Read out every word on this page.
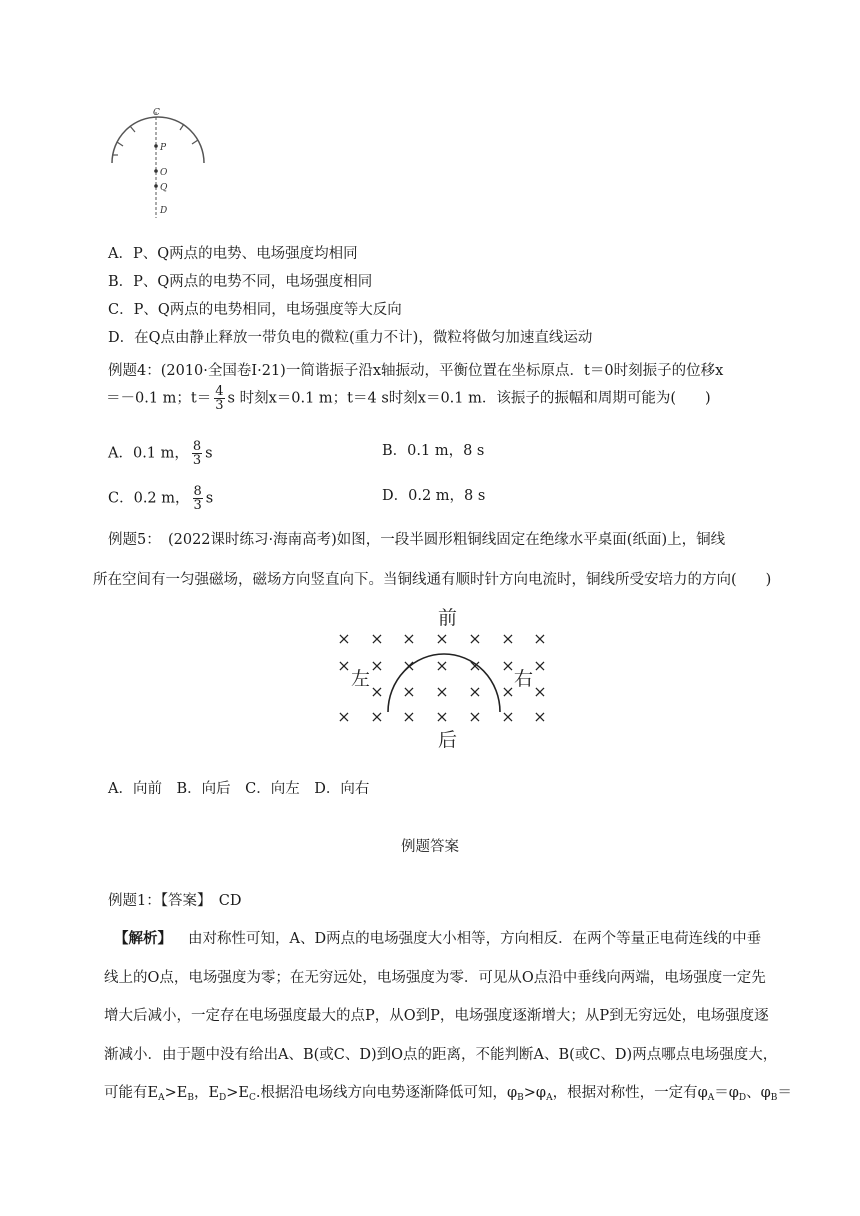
C
P
O
Q
D
A．P、Q两点的电势、电场强度均相同
B．P、Q两点的电势不同，电场强度相同
C．P、Q两点的电势相同，电场强度等大反向
D．在Q点由静止释放一带负电的微粒(重力不计)，微粒将做匀加速直线运动
例题4：(2010·全国卷Ⅰ·21)一简谐振子沿x轴振动，平衡位置在坐标原点．t＝0时刻振子的位移x
＝－0.1 m；$t= \frac{4}{3}$ s 时刻x＝0.1 m；t＝4 s时刻x＝0.1 m．该振子的振幅和周期可能为(　　)
A．0.1 m， $\frac{8}{3}$ s	B．0.1 m，8 s
C．0.2 m， $\frac{8}{3}$ s	D．0.2 m，8 s
例题5：　(2022课时练习·海南高考)如图，一段半圆形粗铜线固定在绝缘水平桌面(纸面)上，铜线
所在空间有一匀强磁场，磁场方向竖直向下。当铜线通有顺时针方向电流时，铜线所受安培力的方向(　　)
× × × × × × ×
× × × × × × ×
× × × × × ×
× × × × × × ×
前
后
左	右
A．向前　B．向后　C．向左　D．向右
例题答案
例题1：【答案】　CD
【解析】 由对称性可知，A、D两点的电场强度大小相等，方向相反．在两个等量正电荷连线的中垂
线上的O点，电场强度为零；在无穷远处，电场强度为零．可见从O点沿中垂线向两端，电场强度一定先
增大后减小，一定存在电场强度最大的点P，从O到P，电场强度逐渐增大；从P到无穷远处，电场强度逐
渐减小．由于题中没有给出A、B(或C、D)到O点的距离，不能判断A、B(或C、D)两点哪点电场强度大，
可能有$E_A>E_B$，$E_D>E_C$.根据沿电场线方向电势逐渐降低可知，$\varphi_B>\varphi_A$，根据对称性，一定有$\varphi_A=\varphi_D$、$\varphi_B=$
